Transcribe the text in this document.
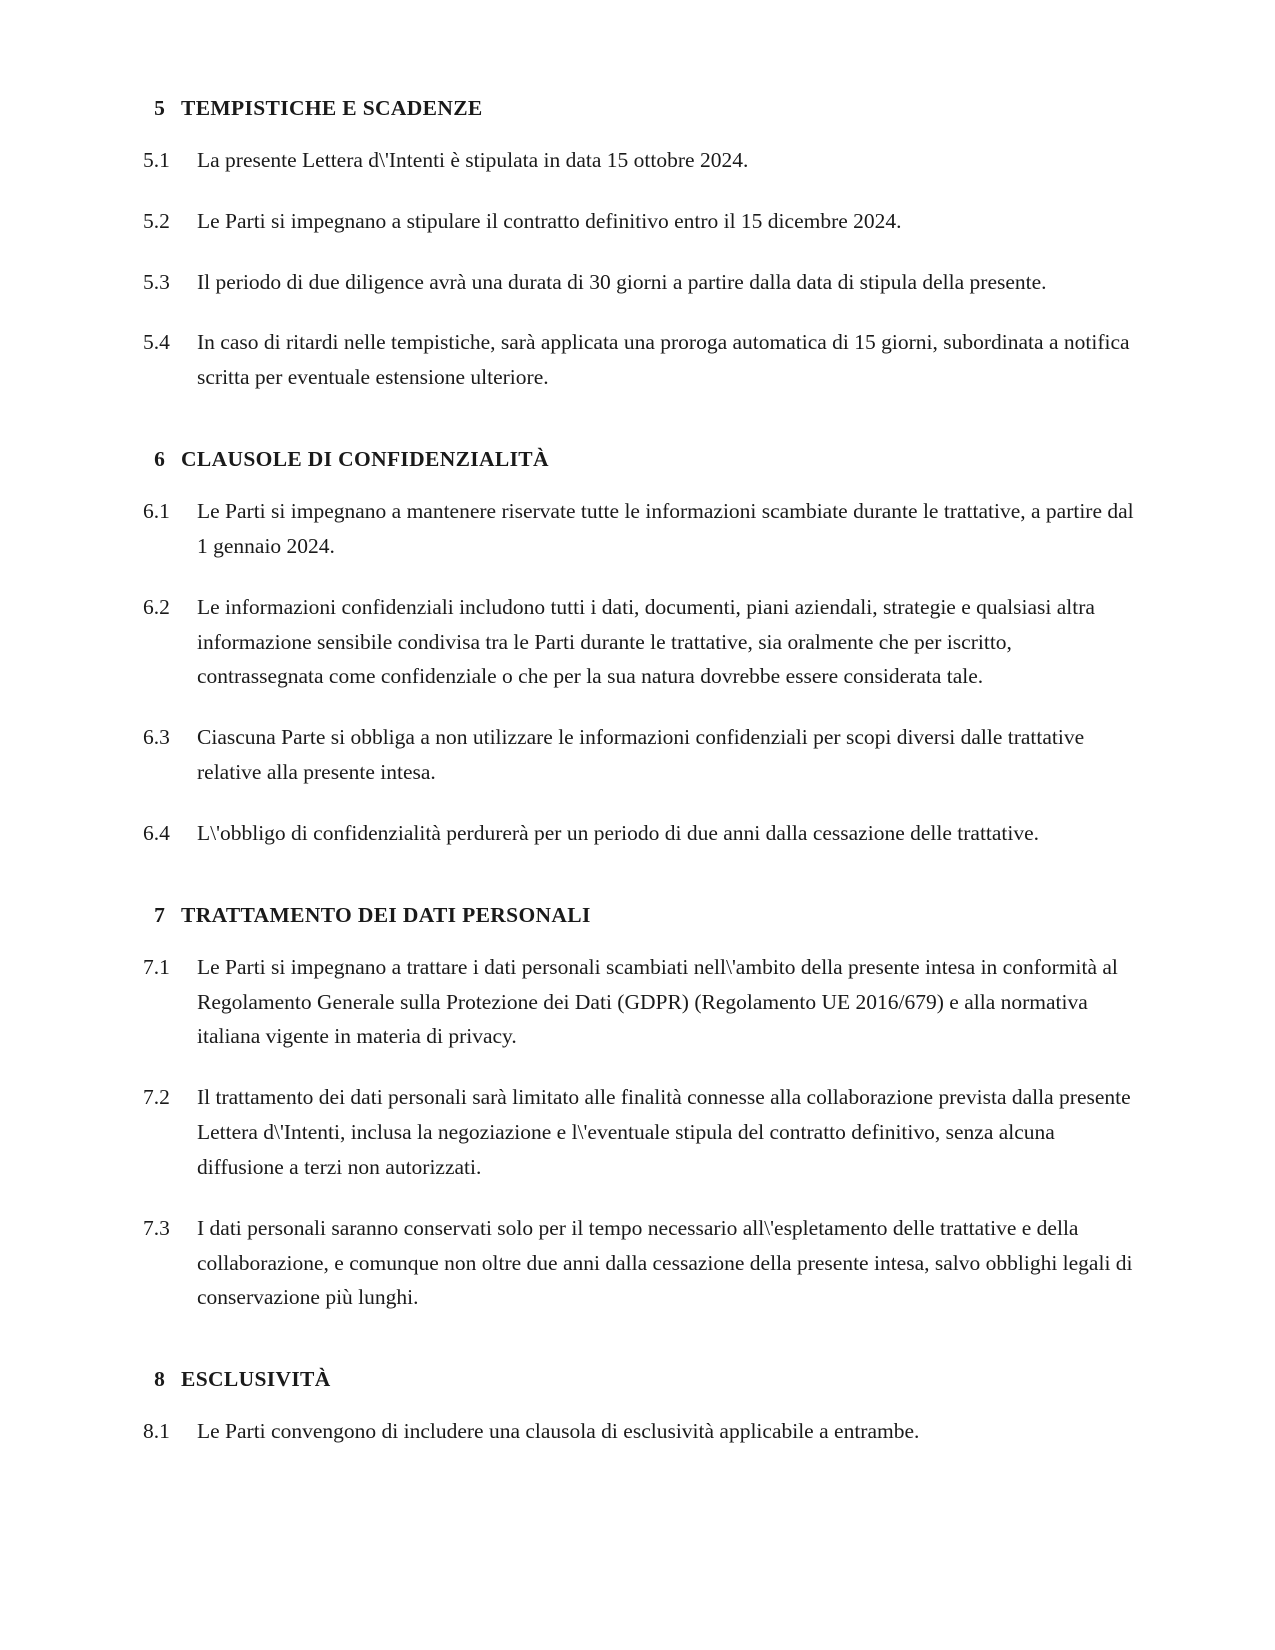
5 TEMPISTICHE E SCADENZE
5.1	La presente Lettera d\'Intenti è stipulata in data 15 ottobre 2024.
5.2	Le Parti si impegnano a stipulare il contratto definitivo entro il 15 dicembre 2024.
5.3	Il periodo di due diligence avrà una durata di 30 giorni a partire dalla data di stipula della presente.
5.4	In caso di ritardi nelle tempistiche, sarà applicata una proroga automatica di 15 giorni, subordinata a notifica scritta per eventuale estensione ulteriore.
6 CLAUSOLE DI CONFIDENZIALITÀ
6.1	Le Parti si impegnano a mantenere riservate tutte le informazioni scambiate durante le trattative, a partire dal 1 gennaio 2024.
6.2	Le informazioni confidenziali includono tutti i dati, documenti, piani aziendali, strategie e qualsiasi altra informazione sensibile condivisa tra le Parti durante le trattative, sia oralmente che per iscritto, contrassegnata come confidenziale o che per la sua natura dovrebbe essere considerata tale.
6.3	Ciascuna Parte si obbliga a non utilizzare le informazioni confidenziali per scopi diversi dalle trattative relative alla presente intesa.
6.4	L\'obbligo di confidenzialità perdurerà per un periodo di due anni dalla cessazione delle trattative.
7 TRATTAMENTO DEI DATI PERSONALI
7.1	Le Parti si impegnano a trattare i dati personali scambiati nell\'ambito della presente intesa in conformità al Regolamento Generale sulla Protezione dei Dati (GDPR) (Regolamento UE 2016/679) e alla normativa italiana vigente in materia di privacy.
7.2	Il trattamento dei dati personali sarà limitato alle finalità connesse alla collaborazione prevista dalla presente Lettera d\'Intenti, inclusa la negoziazione e l\'eventuale stipula del contratto definitivo, senza alcuna diffusione a terzi non autorizzati.
7.3	I dati personali saranno conservati solo per il tempo necessario all\'espletamento delle trattative e della collaborazione, e comunque non oltre due anni dalla cessazione della presente intesa, salvo obblighi legali di conservazione più lunghi.
8 ESCLUSIVITÀ
8.1	Le Parti convengono di includere una clausola di esclusività applicabile a entrambe.
